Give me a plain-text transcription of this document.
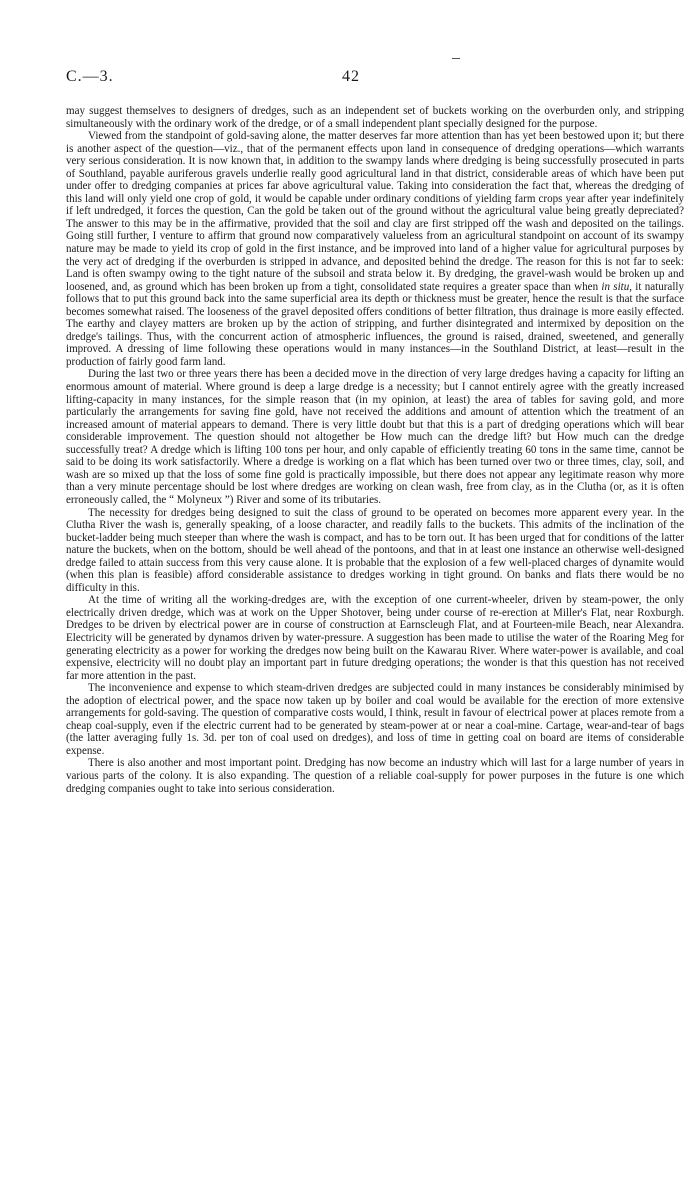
C.—3.	42

may suggest themselves to designers of dredges, such as an independent set of buckets working on the overburden only, and stripping simultaneously with the ordinary work of the dredge, or of a small independent plant specially designed for the purpose.

Viewed from the standpoint of gold-saving alone, the matter deserves far more attention than has yet been bestowed upon it; but there is another aspect of the question—viz., that of the permanent effects upon land in consequence of dredging operations—which warrants very serious consideration. It is now known that, in addition to the swampy lands where dredging is being successfully prosecuted in parts of Southland, payable auriferous gravels underlie really good agricultural land in that district, considerable areas of which have been put under offer to dredging companies at prices far above agricultural value. Taking into consideration the fact that, whereas the dredging of this land will only yield one crop of gold, it would be capable under ordinary conditions of yielding farm crops year after year indefinitely if left undredged, it forces the question, Can the gold be taken out of the ground without the agricultural value being greatly depreciated? The answer to this may be in the affirmative, provided that the soil and clay are first stripped off the wash and deposited on the tailings. Going still further, I venture to affirm that ground now comparatively valueless from an agricultural standpoint on account of its swampy nature may be made to yield its crop of gold in the first instance, and be improved into land of a higher value for agricultural purposes by the very act of dredging if the overburden is stripped in advance, and deposited behind the dredge. The reason for this is not far to seek: Land is often swampy owing to the tight nature of the subsoil and strata below it. By dredging, the gravel-wash would be broken up and loosened, and, as ground which has been broken up from a tight, consolidated state requires a greater space than when in situ, it naturally follows that to put this ground back into the same superficial area its depth or thickness must be greater, hence the result is that the surface becomes somewhat raised. The looseness of the gravel deposited offers conditions of better filtration, thus drainage is more easily effected. The earthy and clayey matters are broken up by the action of stripping, and further disintegrated and intermixed by deposition on the dredge's tailings. Thus, with the concurrent action of atmospheric influences, the ground is raised, drained, sweetened, and generally improved. A dressing of lime following these operations would in many instances—in the Southland District, at least—result in the production of fairly good farm land.

During the last two or three years there has been a decided move in the direction of very large dredges having a capacity for lifting an enormous amount of material. Where ground is deep a large dredge is a necessity; but I cannot entirely agree with the greatly increased lifting-capacity in many instances, for the simple reason that (in my opinion, at least) the area of tables for saving gold, and more particularly the arrangements for saving fine gold, have not received the additions and amount of attention which the treatment of an increased amount of material appears to demand. There is very little doubt but that this is a part of dredging operations which will bear considerable improvement. The question should not altogether be How much can the dredge lift? but How much can the dredge successfully treat? A dredge which is lifting 100 tons per hour, and only capable of efficiently treating 60 tons in the same time, cannot be said to be doing its work satisfactorily. Where a dredge is working on a flat which has been turned over two or three times, clay, soil, and wash are so mixed up that the loss of some fine gold is practically impossible, but there does not appear any legitimate reason why more than a very minute percentage should be lost where dredges are working on clean wash, free from clay, as in the Clutha (or, as it is often erroneously called, the “ Molyneux ”) River and some of its tributaries.

The necessity for dredges being designed to suit the class of ground to be operated on becomes more apparent every year. In the Clutha River the wash is, generally speaking, of a loose character, and readily falls to the buckets. This admits of the inclination of the bucket-ladder being much steeper than where the wash is compact, and has to be torn out. It has been urged that for conditions of the latter nature the buckets, when on the bottom, should be well ahead of the pontoons, and that in at least one instance an otherwise well-designed dredge failed to attain success from this very cause alone. It is probable that the explosion of a few well-placed charges of dynamite would (when this plan is feasible) afford considerable assistance to dredges working in tight ground. On banks and flats there would be no difficulty in this.

At the time of writing all the working-dredges are, with the exception of one current-wheeler, driven by steam-power, the only electrically driven dredge, which was at work on the Upper Shotover, being under course of re-erection at Miller's Flat, near Roxburgh. Dredges to be driven by electrical power are in course of construction at Earnscleugh Flat, and at Fourteen-mile Beach, near Alexandra. Electricity will be generated by dynamos driven by water-pressure. A suggestion has been made to utilise the water of the Roaring Meg for generating electricity as a power for working the dredges now being built on the Kawarau River. Where water-power is available, and coal expensive, electricity will no doubt play an important part in future dredging operations; the wonder is that this question has not received far more attention in the past.

The inconvenience and expense to which steam-driven dredges are subjected could in many instances be considerably minimised by the adoption of electrical power, and the space now taken up by boiler and coal would be available for the erection of more extensive arrangements for gold-saving. The question of comparative costs would, I think, result in favour of electrical power at places remote from a cheap coal-supply, even if the electric current had to be generated by steam-power at or near a coal-mine. Cartage, wear-and-tear of bags (the latter averaging fully 1s. 3d. per ton of coal used on dredges), and loss of time in getting coal on board are items of considerable expense.

There is also another and most important point. Dredging has now become an industry which will last for a large number of years in various parts of the colony. It is also expanding. The question of a reliable coal-supply for power purposes in the future is one which dredging companies ought to take into serious consideration.
